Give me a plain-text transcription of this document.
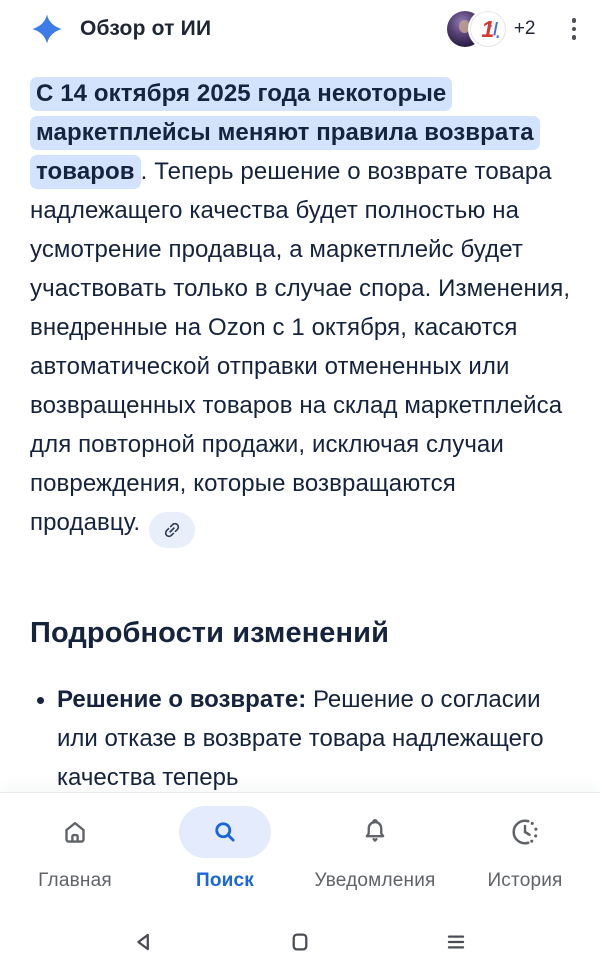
Обзор от ИИ	1 +2
С 14 октября 2025 года некоторые маркетплейсы меняют правила возврата товаров . Теперь решение о возврате товара надлежащего качества будет полностью на усмотрение продавца, а маркетплейс будет участвовать только в случае спора. Изменения, внедренные на Ozon с 1 октября, касаются автоматической отправки отмененных или возвращенных товаров на склад маркетплейса для повторной продажи, исключая случаи повреждения, которые возвращаются продавцу.
Подробности изменений
• Решение о возврате: Решение о согласии или отказе в возврате товара надлежащего качества теперь
Главная	Поиск	Уведомления	История
